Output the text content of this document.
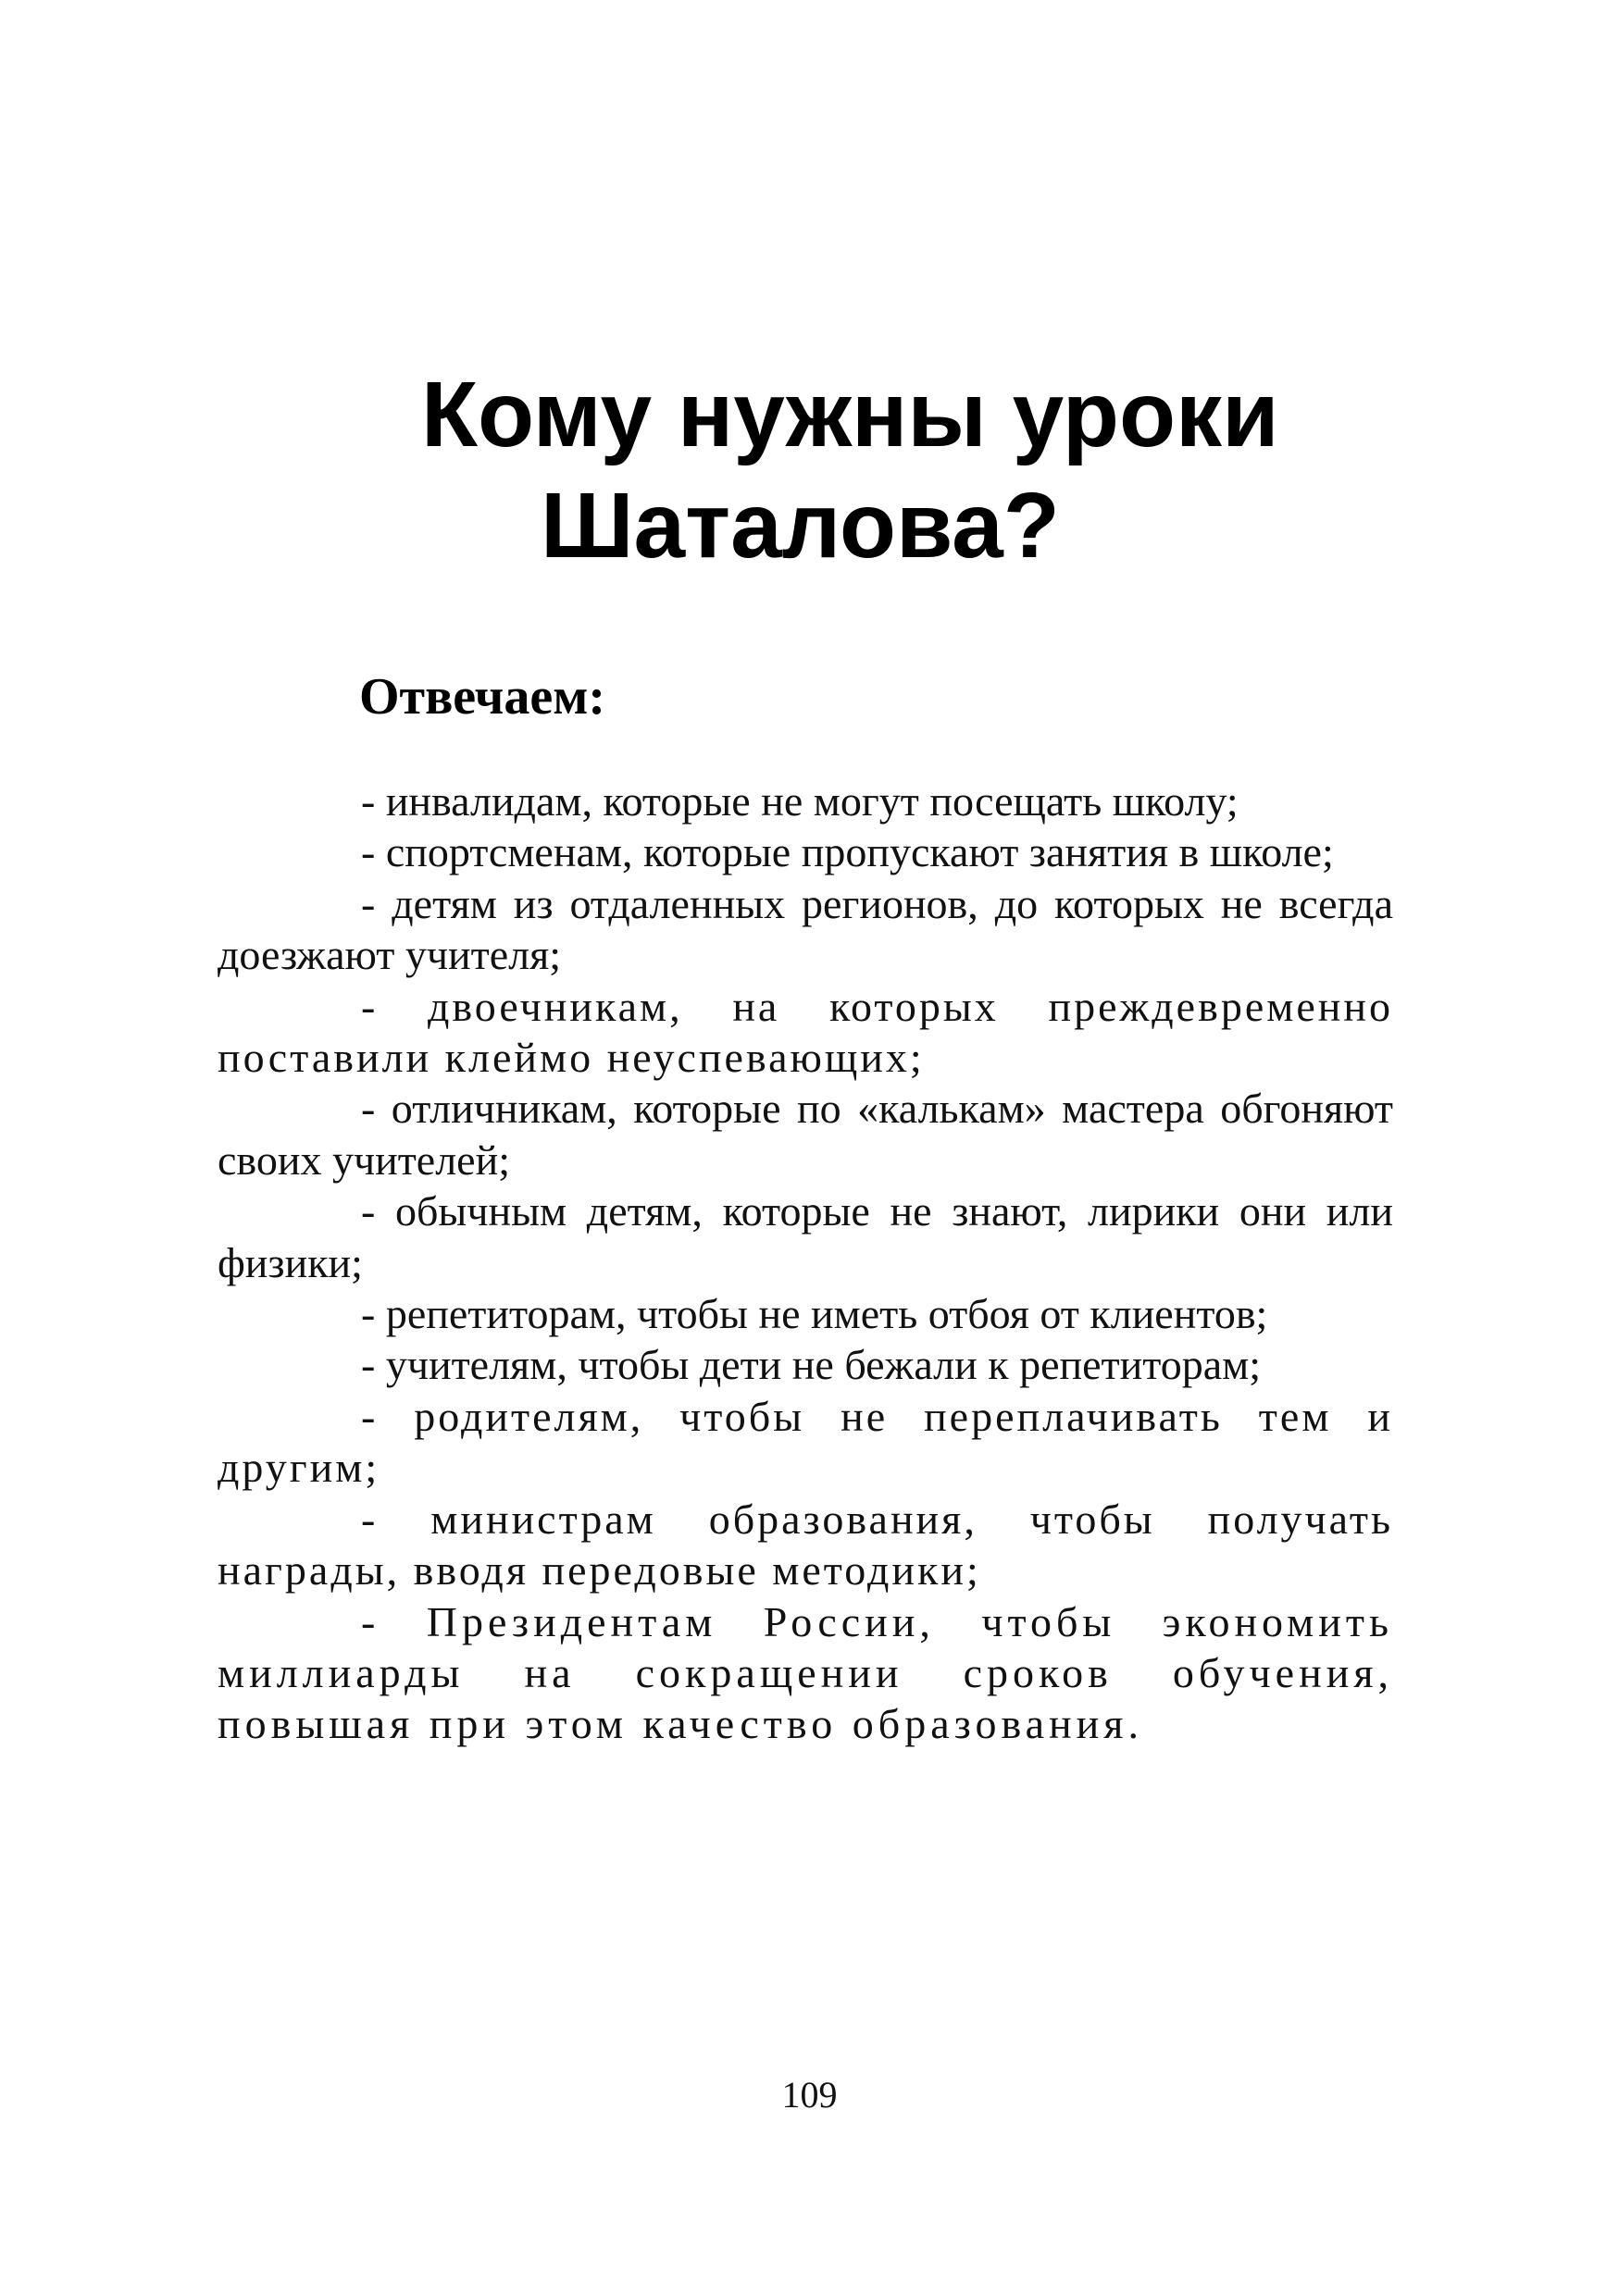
Кому нужны уроки
Шаталова?
Отвечаем:
- инвалидам, которые не могут посещать школу;
- спортсменам, которые пропускают занятия в школе;
- детям из отдаленных регионов, до которых не всегда доезжают учителя;
- двоечникам, на которых преждевременно поставили клеймо неуспевающих;
- отличникам, которые по «калькам» мастера обгоняют своих учителей;
- обычным детям, которые не знают, лирики они или физики;
- репетиторам, чтобы не иметь отбоя от клиентов;
- учителям, чтобы дети не бежали к репетиторам;
- родителям, чтобы не переплачивать тем и другим;
- министрам образования, чтобы получать награды, вводя передовые методики;
- Президентам России, чтобы экономить миллиарды на сокращении сроков обучения, повышая при этом качество образования.
109
